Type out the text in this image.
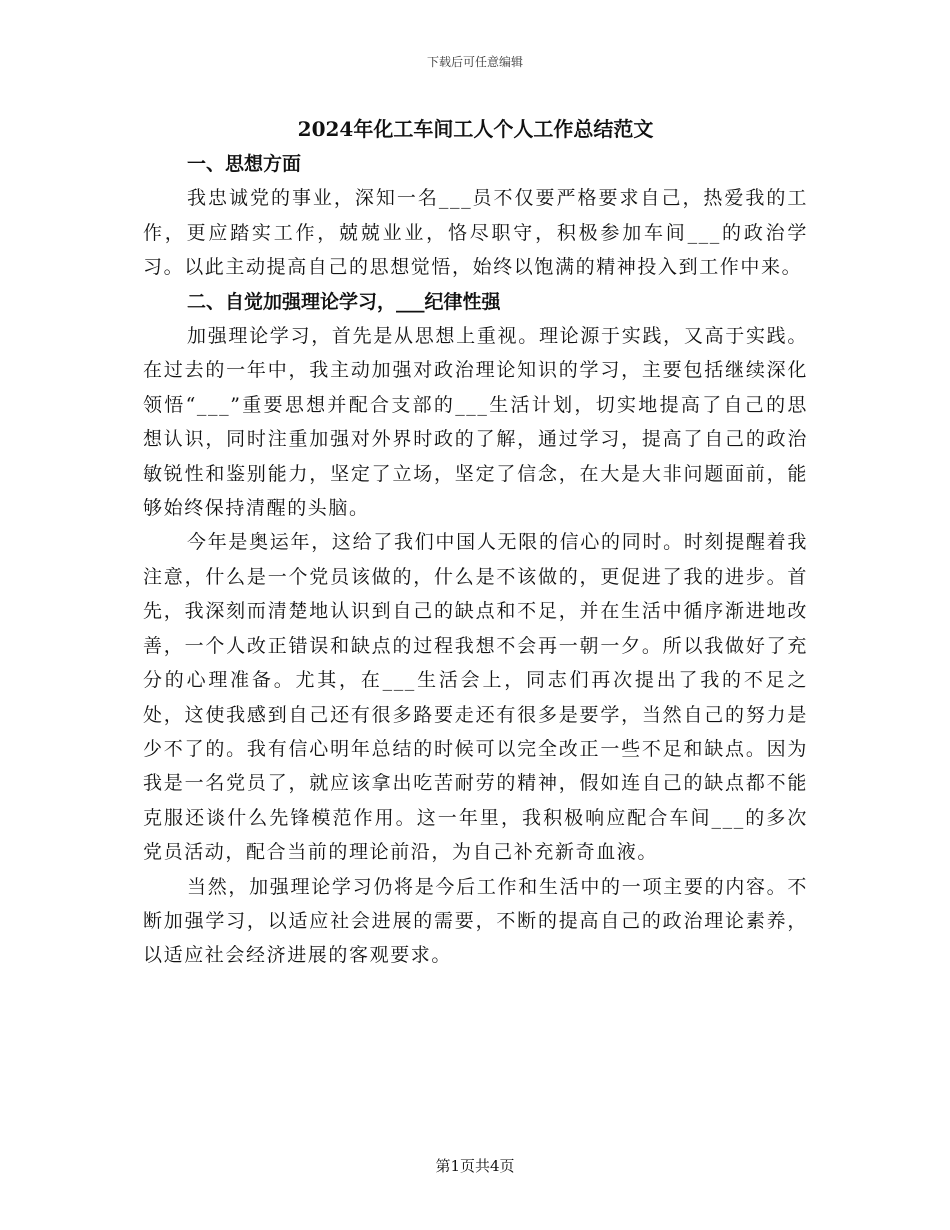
下载后可任意编辑
2024年化工车间工人个人工作总结范文
一、思想方面

我忠诚党的事业，深知一名___员不仅要严格要求自己，热爱我的工作，更应踏实工作，兢兢业业，恪尽职守，积极参加车间___的政治学习。以此主动提高自己的思想觉悟，始终以饱满的精神投入到工作中来。

二、自觉加强理论学习，___纪律性强

加强理论学习，首先是从思想上重视。理论源于实践，又高于实践。在过去的一年中，我主动加强对政治理论知识的学习，主要包括继续深化领悟“___”重要思想并配合支部的___生活计划，切实地提高了自己的思想认识，同时注重加强对外界时政的了解，通过学习，提高了自己的政治敏锐性和鉴别能力，坚定了立场，坚定了信念，在大是大非问题面前，能够始终保持清醒的头脑。

今年是奥运年，这给了我们中国人无限的信心的同时。时刻提醒着我注意，什么是一个党员该做的，什么是不该做的，更促进了我的进步。首先，我深刻而清楚地认识到自己的缺点和不足，并在生活中循序渐进地改善，一个人改正错误和缺点的过程我想不会再一朝一夕。所以我做好了充分的心理准备。尤其，在___生活会上，同志们再次提出了我的不足之处，这使我感到自己还有很多路要走还有很多是要学，当然自己的努力是少不了的。我有信心明年总结的时候可以完全改正一些不足和缺点。因为我是一名党员了，就应该拿出吃苦耐劳的精神，假如连自己的缺点都不能克服还谈什么先锋模范作用。这一年里，我积极响应配合车间___的多次党员活动，配合当前的理论前沿，为自己补充新奇血液。

当然，加强理论学习仍将是今后工作和生活中的一项主要的内容。不断加强学习，以适应社会进展的需要，不断的提高自己的政治理论素养，以适应社会经济进展的客观要求。

第1页共4页
